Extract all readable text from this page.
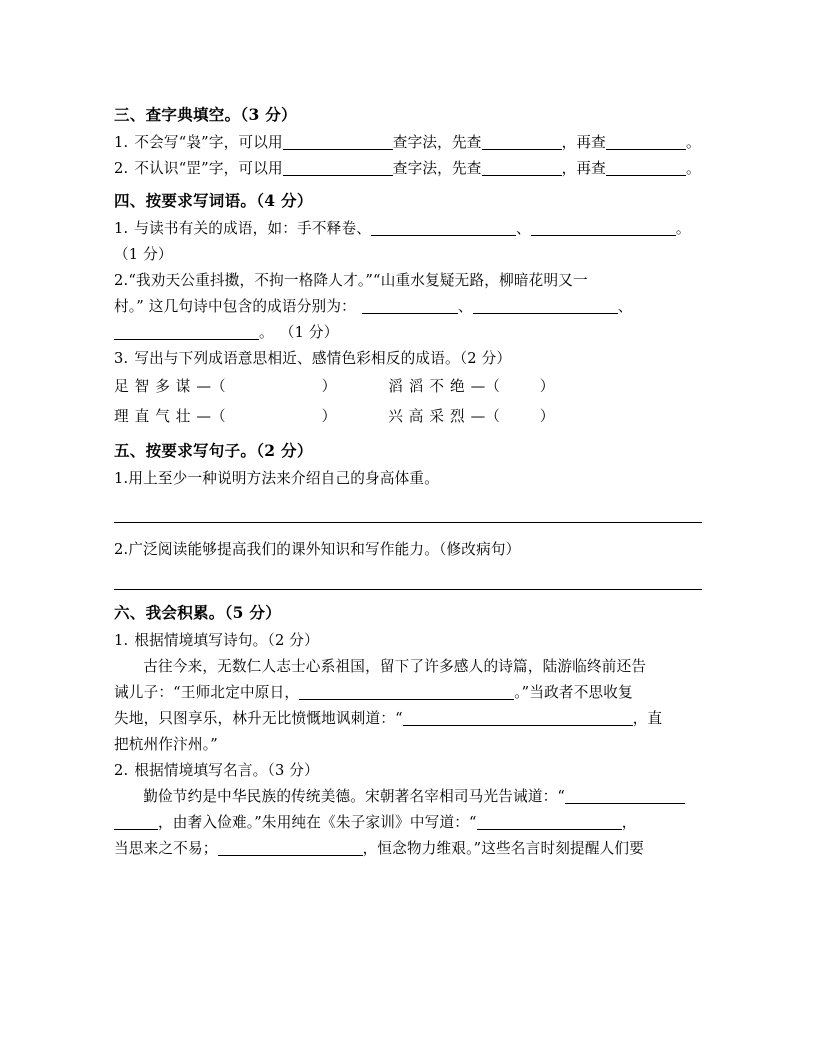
三、查字典填空。（3 分）
1. 不会写“袅”字，可以用	查字法，先查	，再查	。
2. 不认识“罡”字，可以用	查字法，先查	，再查	。
四、按要求写词语。（4 分）
1. 与读书有关的成语，如：手不释卷、	、	。
（1 分）
2.“我劝天公重抖擞，不拘一格降人才。”“山重水复疑无路，柳暗花明又一
村。” 这几句诗中包含的成语分别为：	、	、
。 （1 分）
3. 写出与下列成语意思相近、感情色彩相反的成语。（2 分）
足智多谋—（	）	滔滔不绝—（	）
理直气壮—（	）	兴高采烈—（	）
五、按要求写句子。（2 分）
1.用上至少一种说明方法来介绍自己的身高体重。
2.广泛阅读能够提高我们的课外知识和写作能力。（修改病句）
六、我会积累。（5 分）
1. 根据情境填写诗句。（2 分）
古往今来，无数仁人志士心系祖国，留下了许多感人的诗篇，陆游临终前还告
诫儿子：“王师北定中原日，	。”当政者不思收复
失地，只图享乐，林升无比愤慨地讽刺道：“	，直
把杭州作汴州。”
2. 根据情境填写名言。（3 分）
勤俭节约是中华民族的传统美德。宋朝著名宰相司马光告诫道：“
，由奢入俭难。”朱用纯在《朱子家训》中写道：“	，
当思来之不易；	，恒念物力维艰。”这些名言时刻提醒人们要
